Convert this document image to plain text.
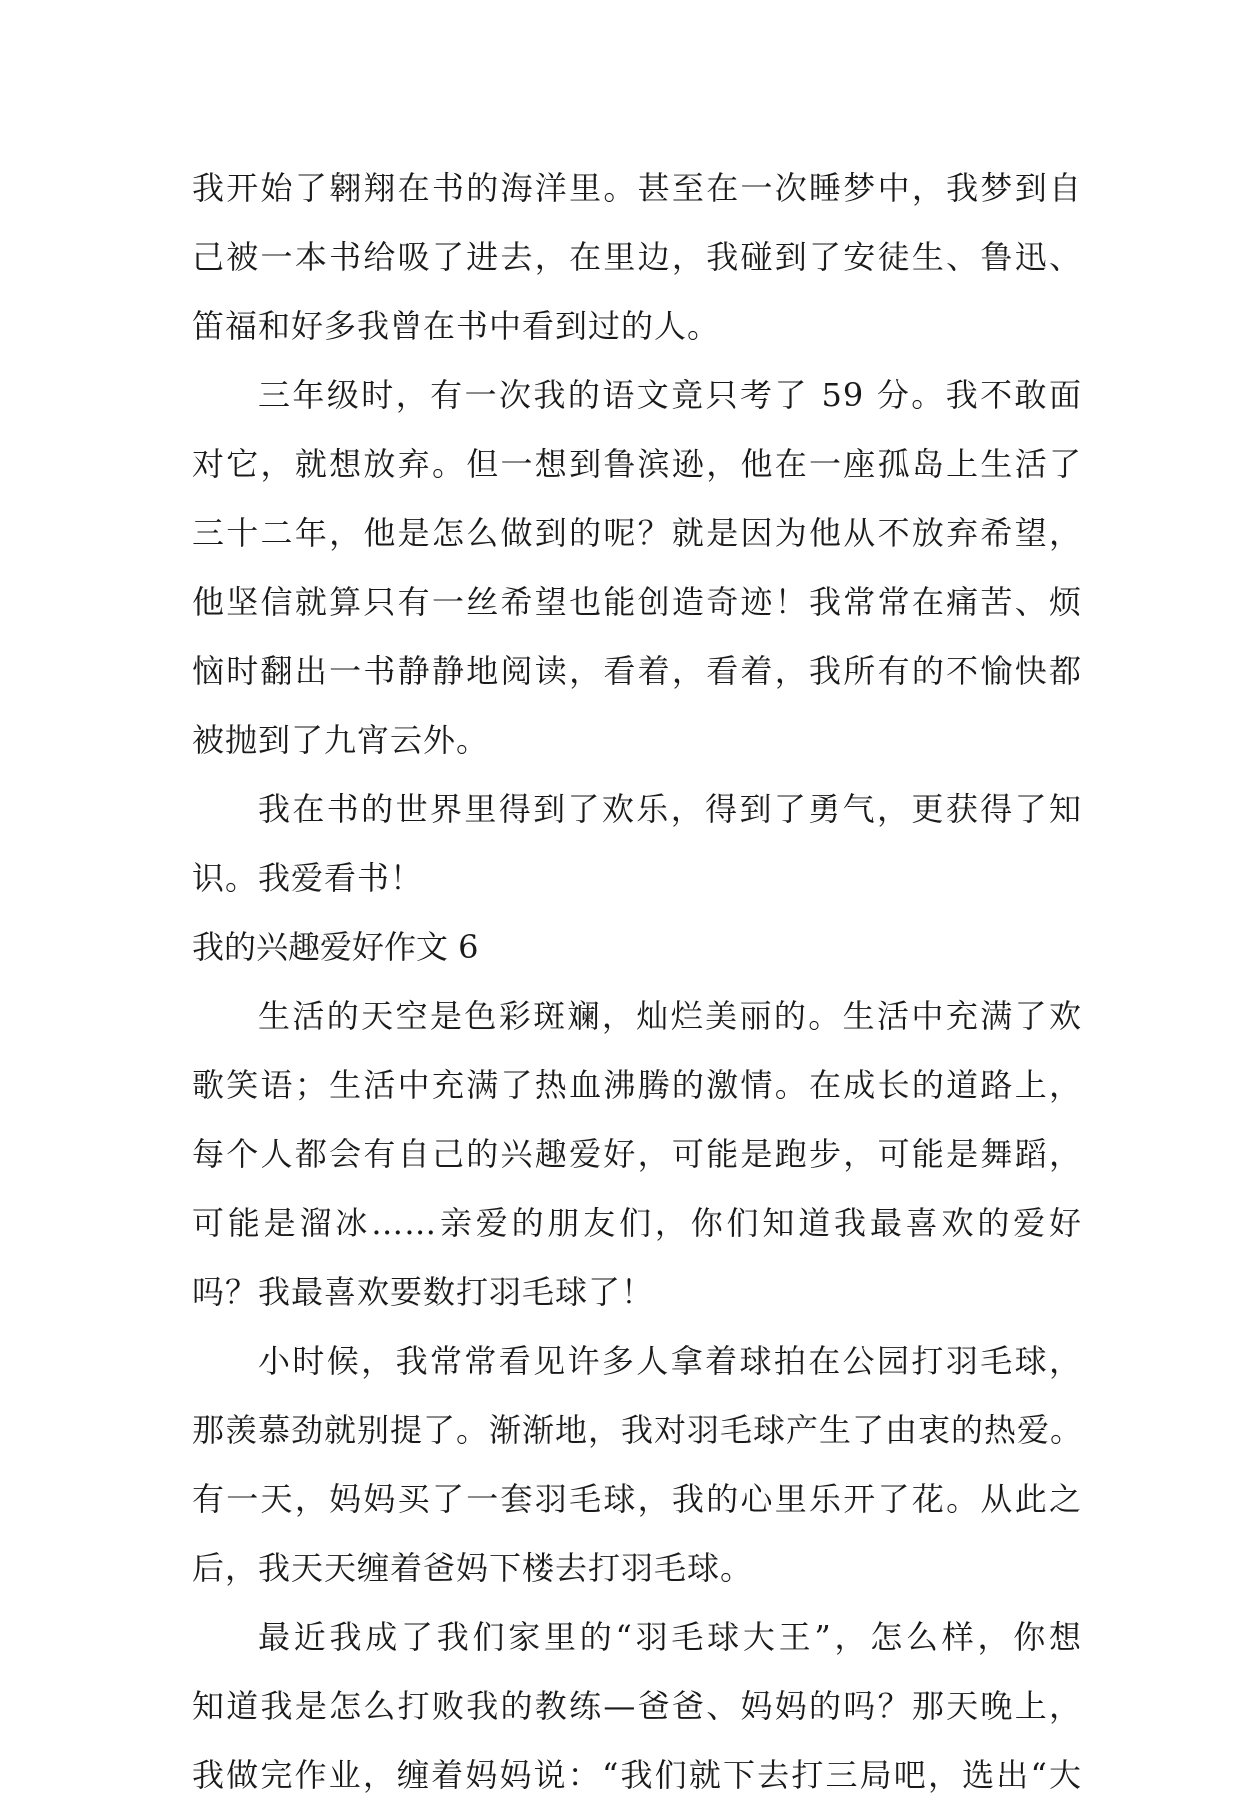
我开始了翱翔在书的海洋里。甚至在一次睡梦中，我梦到自
己被一本书给吸了进去，在里边，我碰到了安徒生、鲁迅、
笛福和好多我曾在书中看到过的人。
三年级时，有一次我的语文竟只考了 59 分。我不敢面
对它，就想放弃。但一想到鲁滨逊，他在一座孤岛上生活了
三十二年，他是怎么做到的呢？就是因为他从不放弃希望，
他坚信就算只有一丝希望也能创造奇迹！我常常在痛苦、烦
恼时翻出一书静静地阅读，看着，看着，我所有的不愉快都
被抛到了九宵云外。
我在书的世界里得到了欢乐，得到了勇气，更获得了知
识。我爱看书！
我的兴趣爱好作文 6
生活的天空是色彩斑斓，灿烂美丽的。生活中充满了欢
歌笑语；生活中充满了热血沸腾的激情。在成长的道路上，
每个人都会有自己的兴趣爱好，可能是跑步，可能是舞蹈，
可能是溜冰……亲爱的朋友们，你们知道我最喜欢的爱好
吗？我最喜欢要数打羽毛球了！
小时候，我常常看见许多人拿着球拍在公园打羽毛球，
那羡慕劲就别提了。渐渐地，我对羽毛球产生了由衷的热爱。
有一天，妈妈买了一套羽毛球，我的心里乐开了花。从此之
后，我天天缠着爸妈下楼去打羽毛球。
最近我成了我们家里的“羽毛球大王”，怎么样，你想
知道我是怎么打败我的教练—爸爸、妈妈的吗？那天晚上，
我做完作业，缠着妈妈说：“我们就下去打三局吧，选出“大
